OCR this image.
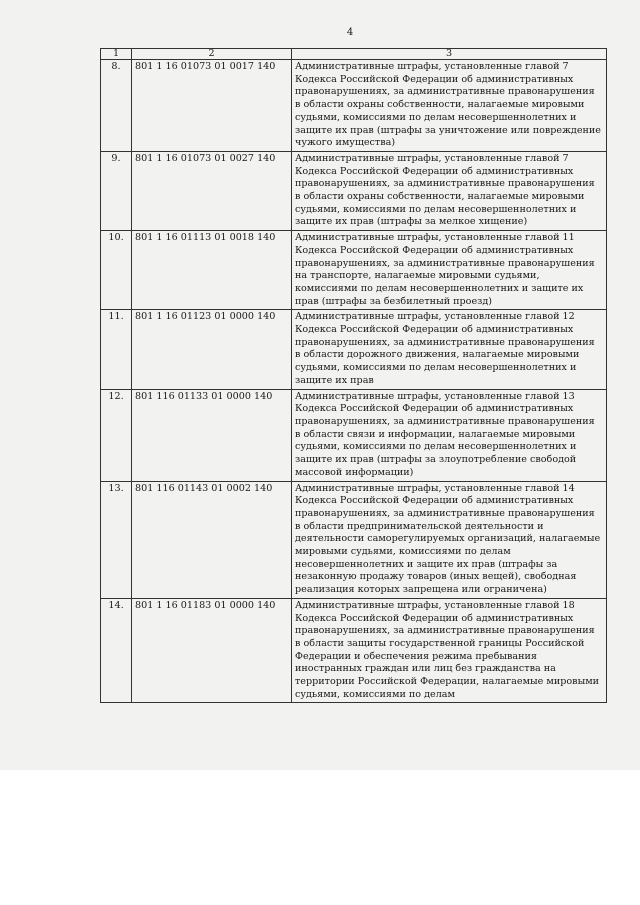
4
1	2	3
8.	801 1 16 01073 01 0017 140	Административные штрафы, установленные главой 7 Кодекса Российской Федерации об административных правонарушениях, за административные правонарушения в области охраны собственности, налагаемые мировыми судьями, комиссиями по делам несовершеннолетних и защите их прав (штрафы за уничтожение или повреждение чужого имущества)
9.	801 1 16 01073 01 0027 140	Административные штрафы, установленные главой 7 Кодекса Российской Федерации об административных правонарушениях, за административные правонарушения в области охраны собственности, налагаемые мировыми судьями, комиссиями по делам несовершеннолетних и защите их прав (штрафы за мелкое хищение)
10.	801 1 16 01113 01 0018 140	Административные штрафы, установленные главой 11 Кодекса Российской Федерации об административных правонарушениях, за административные правонарушения на транспорте, налагаемые мировыми судьями, комиссиями по делам несовершеннолетних и защите их прав (штрафы за безбилетный проезд)
11.	801 1 16 01123 01 0000 140	Административные штрафы, установленные главой 12 Кодекса Российской Федерации об административных правонарушениях, за административные правонарушения в области дорожного движения, налагаемые мировыми судьями, комиссиями по делам несовершеннолетних и защите их прав
12.	801 116 01133 01 0000 140	Административные штрафы, установленные главой 13 Кодекса Российской Федерации об административных правонарушениях, за административные правонарушения в области связи и информации, налагаемые мировыми судьями, комиссиями по делам несовершеннолетних и защите их прав (штрафы за злоупотребление свободой массовой информации)
13.	801 116 01143 01 0002 140	Административные штрафы, установленные главой 14 Кодекса Российской Федерации об административных правонарушениях, за административные правонарушения в области предпринимательской деятельности и деятельности саморегулируемых организаций, налагаемые мировыми судьями, комиссиями по делам несовершеннолетних и защите их прав (штрафы за незаконную продажу товаров (иных вещей), свободная реализация которых запрещена или ограничена)
14.	801 1 16 01183 01 0000 140	Административные штрафы, установленные главой 18 Кодекса Российской Федерации об административных правонарушениях, за административные правонарушения в области защиты государственной границы Российской Федерации и обеспечения режима пребывания иностранных граждан или лиц без гражданства на территории Российской Федерации, налагаемые мировыми судьями, комиссиями по делам
